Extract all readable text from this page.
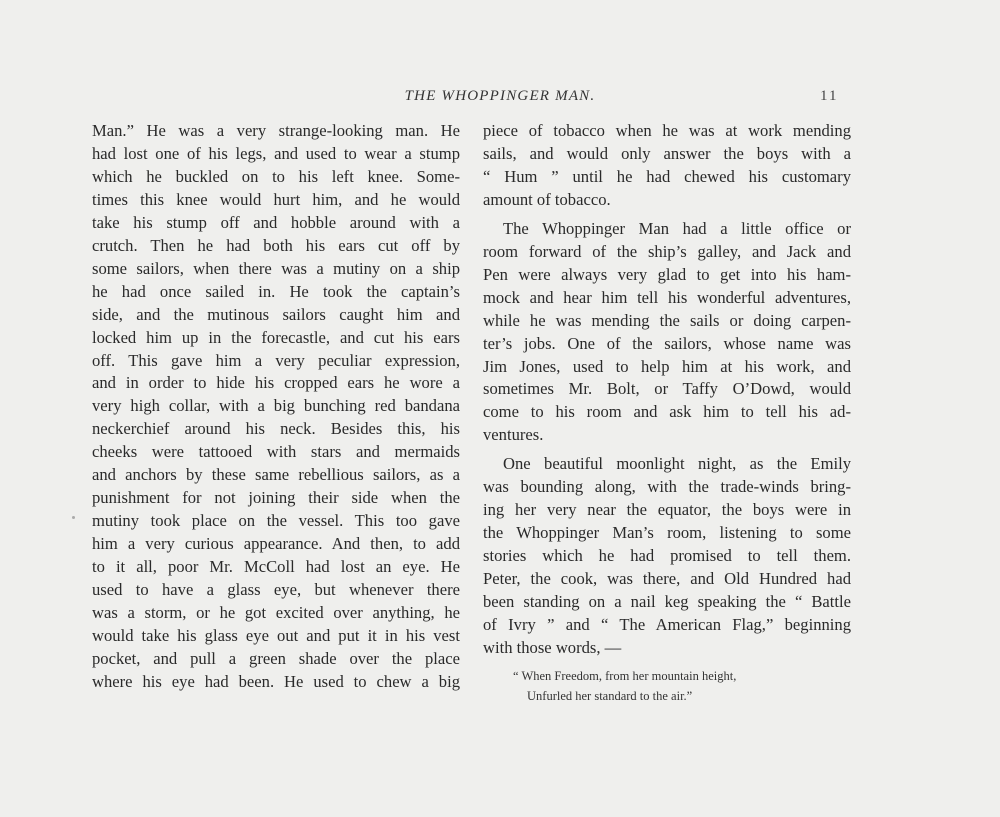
THE WHOPPINGER MAN.	11
Man.” He was a very strange-looking man. He
had lost one of his legs, and used to wear a stump
which he buckled on to his left knee. Some-
times this knee would hurt him, and he would
take his stump off and hobble around with a
crutch. Then he had both his ears cut off by
some sailors, when there was a mutiny on a ship
he had once sailed in. He took the captain’s
side, and the mutinous sailors caught him and
locked him up in the forecastle, and cut his ears
off. This gave him a very peculiar expression,
and in order to hide his cropped ears he wore a
very high collar, with a big bunching red bandana
neckerchief around his neck. Besides this, his
cheeks were tattooed with stars and mermaids
and anchors by these same rebellious sailors, as a
punishment for not joining their side when the
mutiny took place on the vessel. This too gave
him a very curious appearance. And then, to add
to it all, poor Mr. McColl had lost an eye. He
used to have a glass eye, but whenever there
was a storm, or he got excited over anything, he
would take his glass eye out and put it in his vest
pocket, and pull a green shade over the place
where his eye had been. He used to chew a big
piece of tobacco when he was at work mending
sails, and would only answer the boys with a
“ Hum ” until he had chewed his customary
amount of tobacco.
The Whoppinger Man had a little office or
room forward of the ship’s galley, and Jack and
Pen were always very glad to get into his ham-
mock and hear him tell his wonderful adventures,
while he was mending the sails or doing carpen-
ter’s jobs. One of the sailors, whose name was
Jim Jones, used to help him at his work, and
sometimes Mr. Bolt, or Taffy O’Dowd, would
come to his room and ask him to tell his ad-
ventures.
One beautiful moonlight night, as the Emily
was bounding along, with the trade-winds bring-
ing her very near the equator, the boys were in
the Whoppinger Man’s room, listening to some
stories which he had promised to tell them.
Peter, the cook, was there, and Old Hundred had
been standing on a nail keg speaking the “ Battle
of Ivry ” and “ The American Flag,” beginning
with those words, —
“ When Freedom, from her mountain height,
Unfurled her standard to the air.”
